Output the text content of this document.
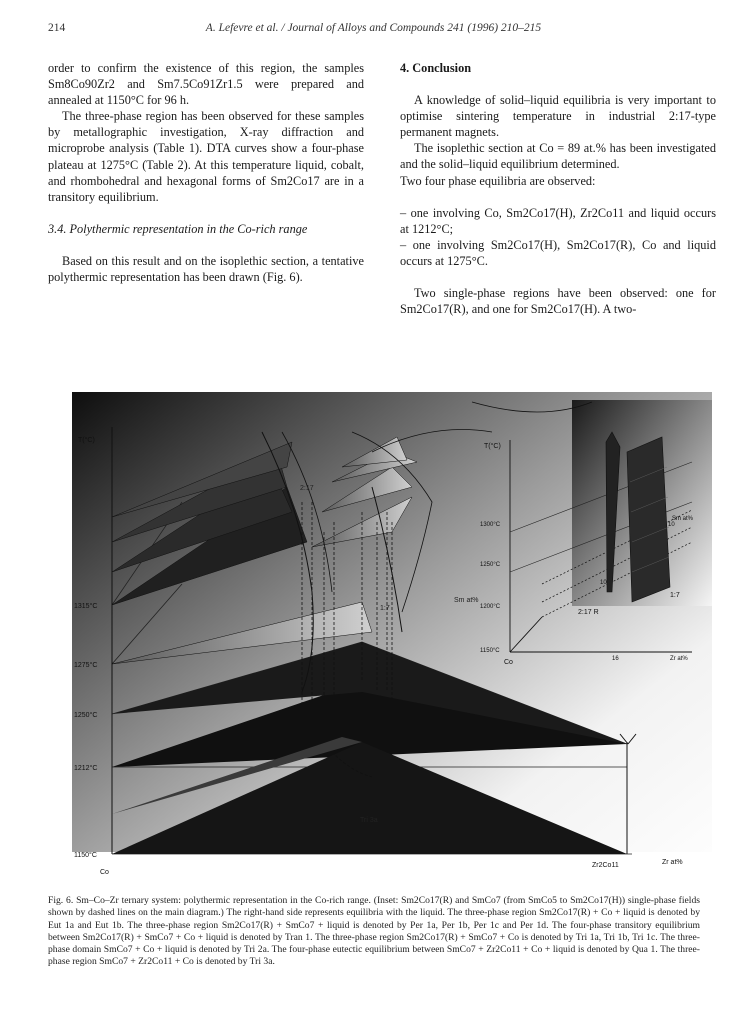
214	A. Lefevre et al. / Journal of Alloys and Compounds 241 (1996) 210–215

order to confirm the existence of this region, the samples Sm8Co90Zr2 and Sm7.5Co91Zr1.5 were prepared and annealed at 1150°C for 96 h.

The three-phase region has been observed for these samples by metallographic investigation, X-ray diffraction and microprobe analysis (Table 1). DTA curves show a four-phase plateau at 1275°C (Table 2). At this temperature liquid, cobalt, and rhombohedral and hexagonal forms of Sm2Co17 are in a transitory equilibrium.

3.4. Polythermic representation in the Co-rich range

Based on this result and on the isoplethic section, a tentative polythermic representation has been drawn (Fig. 6).

4. Conclusion

A knowledge of solid–liquid equilibria is very important to optimise sintering temperature in industrial 2:17-type permanent magnets.

The isoplethic section at Co = 89 at.% has been investigated and the solid–liquid equilibrium determined.

Two four phase equilibria are observed:

– one involving Co, Sm2Co17(H), Zr2Co11 and liquid occurs at 1212°C;

– one involving Sm2Co17(H), Sm2Co17(R), Co and liquid occurs at 1275°C.

Two single-phase regions have been observed: one for Sm2Co17(R), and one for Sm2Co17(H). A two-

T(°C)
1315°C
1275°C
1250°C
1212°C
1150°C
2:17
1:7
Sm at%
Tri 3a
Co
Zr2Co11	Zr at%
T(°C)
1300°C
1250°C
1200°C
1150°C
Sm at%
10
10
16
1:7
2:17 R
Co	Zr at%
Fig. 6. Sm–Co–Zr ternary system: polythermic representation in the Co-rich range. (Inset: Sm2Co17(R) and SmCo7 (from SmCo5 to Sm2Co17(H)) single-phase fields shown by dashed lines on the main diagram.) The right-hand side represents equilibria with the liquid. The three-phase region Sm2Co17(R) + Co + liquid is denoted by Eut 1a and Eut 1b. The three-phase region Sm2Co17(R) + SmCo7 + liquid is denoted by Per 1a, Per 1b, Per 1c and Per 1d. The four-phase transitory equilibrium between Sm2Co17(R) + SmCo7 + Co + liquid is denoted by Tran 1. The three-phase region Sm2Co17(R) + SmCo7 + Co is denoted by Tri 1a, Tri 1b, Tri 1c. The three-phase domain SmCo7 + Co + liquid is denoted by Tri 2a. The four-phase eutectic equilibrium between SmCo7 + Zr2Co11 + Co + liquid is denoted by Qua 1. The three-phase region SmCo7 + Zr2Co11 + Co is denoted by Tri 3a.
